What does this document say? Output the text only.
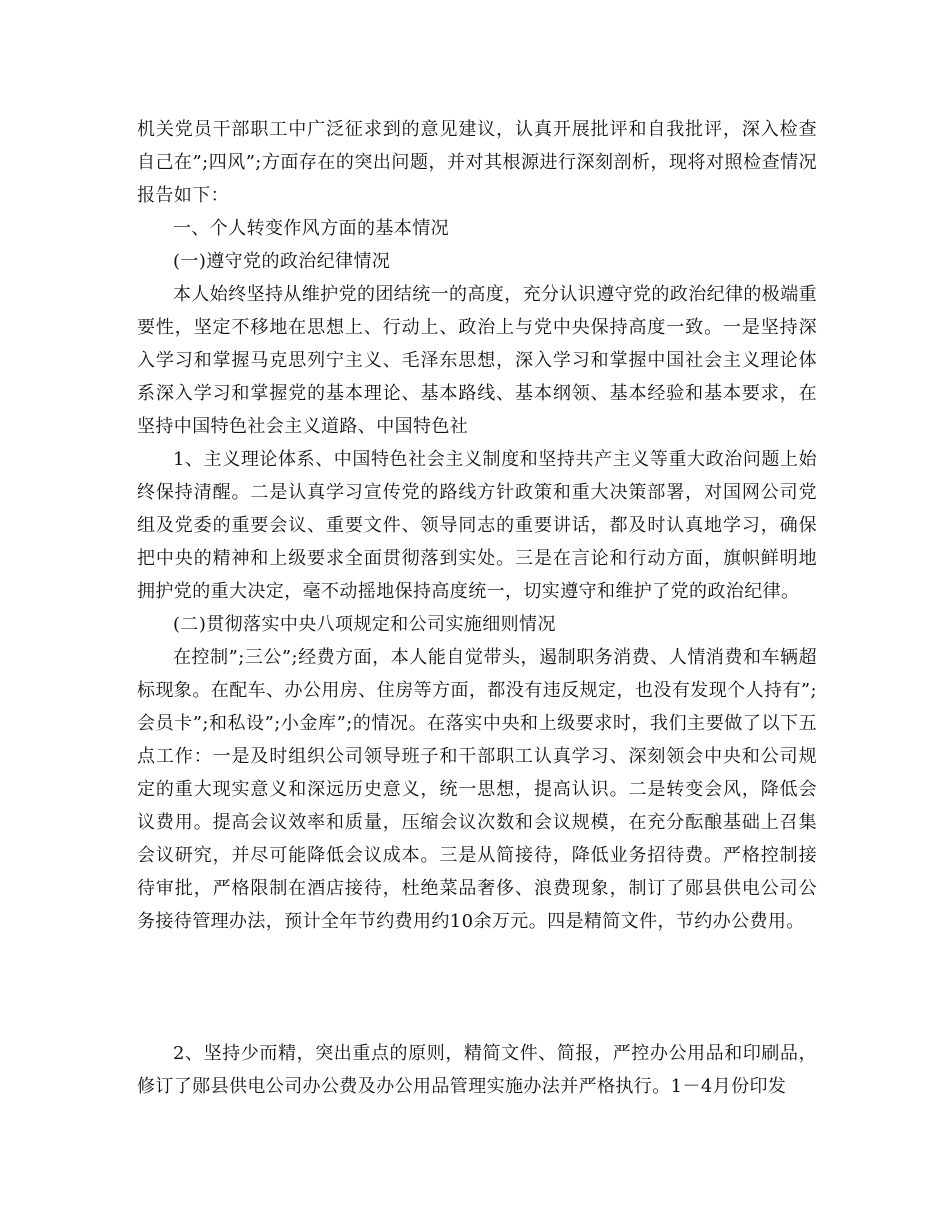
机关党员干部职工中广泛征求到的意见建议，认真开展批评和自我批评，深入检查自己在”;四风”;方面存在的突出问题，并对其根源进行深刻剖析，现将对照检查情况报告如下：

一、个人转变作风方面的基本情况

(一)遵守党的政治纪律情况

本人始终坚持从维护党的团结统一的高度，充分认识遵守党的政治纪律的极端重要性，坚定不移地在思想上、行动上、政治上与党中央保持高度一致。一是坚持深入学习和掌握马克思列宁主义、毛泽东思想，深入学习和掌握中国社会主义理论体系深入学习和掌握党的基本理论、基本路线、基本纲领、基本经验和基本要求，在坚持中国特色社会主义道路、中国特色社

1、主义理论体系、中国特色社会主义制度和坚持共产主义等重大政治问题上始终保持清醒。二是认真学习宣传党的路线方针政策和重大决策部署，对国网公司党组及党委的重要会议、重要文件、领导同志的重要讲话，都及时认真地学习，确保把中央的精神和上级要求全面贯彻落到实处。三是在言论和行动方面，旗帜鲜明地拥护党的重大决定，毫不动摇地保持高度统一，切实遵守和维护了党的政治纪律。

(二)贯彻落实中央八项规定和公司实施细则情况

在控制”;三公”;经费方面，本人能自觉带头，遏制职务消费、人情消费和车辆超标现象。在配车、办公用房、住房等方面，都没有违反规定，也没有发现个人持有”;会员卡”;和私设”;小金库”;的情况。在落实中央和上级要求时，我们主要做了以下五点工作：一是及时组织公司领导班子和干部职工认真学习、深刻领会中央和公司规定的重大现实意义和深远历史意义，统一思想，提高认识。二是转变会风，降低会议费用。提高会议效率和质量，压缩会议次数和会议规模，在充分酝酿基础上召集会议研究，并尽可能降低会议成本。三是从简接待，降低业务招待费。严格控制接待审批，严格限制在酒店接待，杜绝菜品奢侈、浪费现象，制订了郧县供电公司公务接待管理办法，预计全年节约费用约10余万元。四是精简文件，节约办公费用。

2、坚持少而精，突出重点的原则，精简文件、简报，严控办公用品和印刷品，修订了郧县供电公司办公费及办公用品管理实施办法并严格执行。1－4月份印发
